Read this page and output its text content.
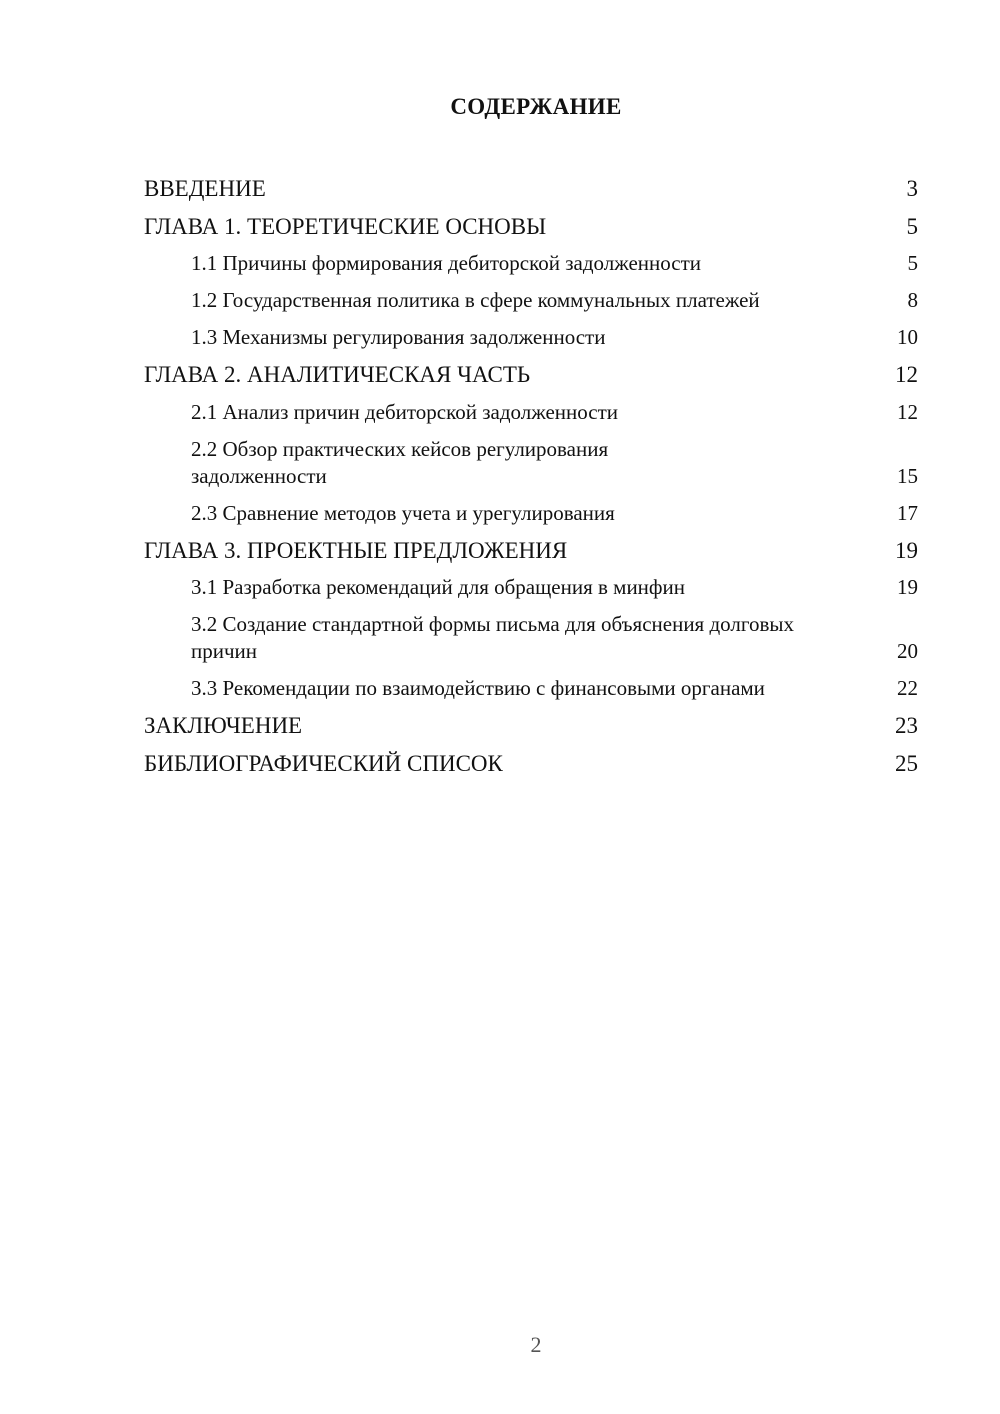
СОДЕРЖАНИЕ
ВВЕДЕНИЕ	3
ГЛАВА 1. ТЕОРЕТИЧЕСКИЕ ОСНОВЫ	5
1.1 Причины формирования дебиторской задолженности	5
1.2 Государственная политика в сфере коммунальных платежей	8
1.3 Механизмы регулирования задолженности	10
ГЛАВА 2. АНАЛИТИЧЕСКАЯ ЧАСТЬ	12
2.1 Анализ причин дебиторской задолженности	12
2.2 Обзор практических кейсов регулирования задолженности	15
2.3 Сравнение методов учета и урегулирования	17
ГЛАВА 3. ПРОЕКТНЫЕ ПРЕДЛОЖЕНИЯ	19
3.1 Разработка рекомендаций для обращения в минфин	19
3.2 Создание стандартной формы письма для объяснения долговых причин	20
3.3 Рекомендации по взаимодействию с финансовыми органами	22
ЗАКЛЮЧЕНИЕ	23
БИБЛИОГРАФИЧЕСКИЙ СПИСОК	25
2
